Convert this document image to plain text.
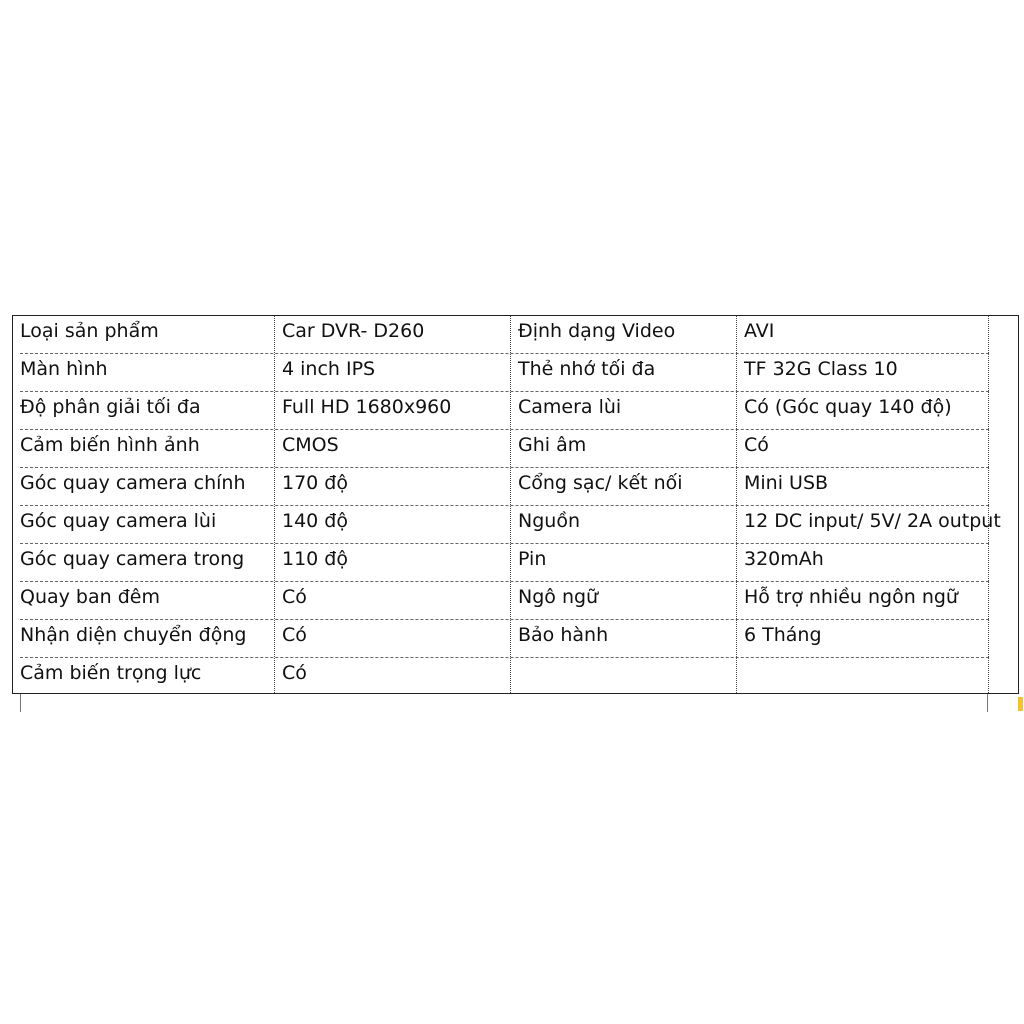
Loại sản phẩm	Car DVR- D260	Định dạng Video	AVI
Màn hình	4 inch IPS	Thẻ nhớ tối đa	TF 32G Class 10
Độ phân giải tối đa	Full HD 1680x960	Camera lùi	Có (Góc quay 140 độ)
Cảm biến hình ảnh	CMOS	Ghi âm	Có
Góc quay camera chính	170 độ	Cổng sạc/ kết nối	Mini USB
Góc quay camera lùi	140 độ	Nguồn	12 DC input/ 5V/ 2A output
Góc quay camera trong	110 độ	Pin	320mAh
Quay ban đêm	Có	Ngô ngữ	Hỗ trợ nhiều ngôn ngữ
Nhận diện chuyển động	Có	Bảo hành	6 Tháng
Cảm biến trọng lực	Có
